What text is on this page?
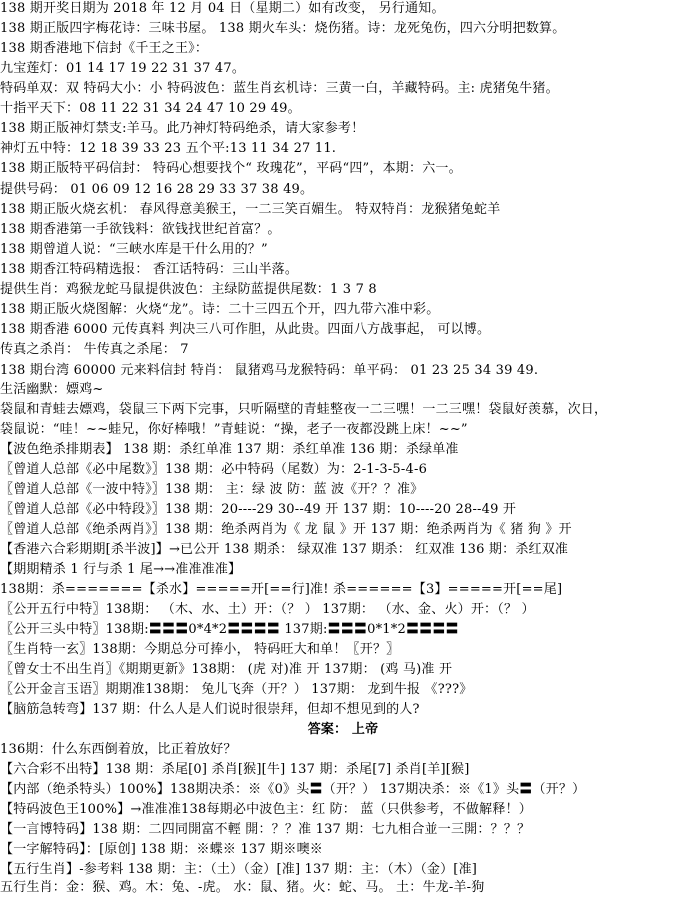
138 期开奖日期为 2018 年 12 月 04 日（星期二）如有改变， 另行通知。
138 期正版四字梅花诗：三味书屋。 138 期火车头：烧伤猪。诗：龙死兔伤，四六分明把数算。
138 期香港地下信封《千王之王》：
九宝莲灯：01 14 17 19 22 31 37 47。
特码单双：双 特码大小：小 特码波色：蓝生肖玄机诗：三黄一白，羊藏特码。主: 虎猪兔牛猪。
十指平天下：08 11 22 31 34 24 47 10 29 49。
138 期正版神灯禁支:羊马。此乃神灯特码绝杀，请大家参考！
神灯五中特：12 18 39 33 23 五个平:13 11 34 27 11.
138 期正版特平码信封： 特码心想要找个“ 玫瑰花”，平码“四”，本期：六一。
提供号码： 01 06 09 12 16 28 29 33 37 38 49。
138 期正版火烧玄机： 春风得意美猴王，一二三笑百媚生。 特双特肖：龙猴猪兔蛇羊
138 期香港第一手欲钱料：欲钱找世纪首富？。
138 期曾道人说：“三峡水库是干什么用的？”
138 期香江特码精选报： 香江话特码：三山半落。
提供生肖：鸡猴龙蛇马鼠提供波色：主绿防蓝提供尾数：1 3 7 8
138 期正版火烧图解：火烧“龙”。诗：二十三四五个开，四九带六准中彩。
138 期香港 6000 元传真料 判决三八可作胆，从此贵。四面八方战事起， 可以博。
传真之杀肖： 牛传真之杀尾： 7
138 期台湾 60000 元来料信封 特肖： 鼠猪鸡马龙猴特码：单平码： 01 23 25 34 39 49.
生活幽默：嫖鸡~
袋鼠和青蛙去嫖鸡，袋鼠三下两下完事，只听隔壁的青蛙整夜一二三嘿！一二三嘿！袋鼠好羡慕，次日，
袋鼠说：“哇！~~蛙兄，你好棒哦！”青蛙说：“操，老子一夜都没跳上床！~~”
【波色绝杀排期表】 138 期：杀红单准 137 期：杀红单准 136 期：杀绿单准
〖曾道人总部《必中尾数》〗138 期：必中特码（尾数）为：2-1-3-5-4-6
〖曾道人总部《一波中特》〗138 期： 主：绿 波 防：蓝 波《开？？准》
〖曾道人总部《必中特段》〗138 期：20----29 30--49 开 137 期：10----20 28--49 开
〖曾道人总部《绝杀两肖》〗138 期：绝杀两肖为《 龙 鼠 》开 137 期：绝杀两肖为《 猪 狗 》开
【香港六合彩期期[杀半波]】→已公开 138 期杀： 绿双准 137 期杀： 红双准 136 期：杀红双准
【期期精杀 1 行与杀 1 尾→→准准准准】
138期：杀=======【杀水】=====开[==行]准! 杀======【3】=====开[==尾]
〖公开五行中特〗138期： （木、水、土）开：（？ ） 137期： （水、金、火）开：（？ ）
〖公开三头中特〗138期:〓〓〓0*4*2〓〓〓〓 137期:〓〓〓0*1*2〓〓〓〓
〖生肖特一玄〗138期：今期总分可捧小， 特码旺大和单！〖开？〗
〖曾女士不出生肖〗《期期更新》138期： (虎 对)准 开 137期： (鸡 马)准 开
〖公开金言玉语〗期期准138期： 兔儿飞奔（开？） 137期： 龙到牛报 《???》
【脑筋急转弯】137 期：什么人是人们说时很崇拜，但却不想见到的人?
答案： 上帝
136期：什么东西倒着放，比正着放好？
【六合彩不出特】138 期：杀尾[0] 杀肖[猴][牛] 137 期：杀尾[7] 杀肖[羊][猴]
【内部（绝杀特头）100%】138期决杀：※《0》头〓（开？） 137期决杀：※《1》头〓（开？）
【特码波色王100%】→准准准138每期必中波色主：红 防： 蓝（只供参考，不做解释！）
【一言博特码】138 期：二四同開富不輕 開：？？准 137 期：七九相合並一三開：？？？
【一字解特码】：[原创] 138 期：※蝶※ 137 期※噢※
【五行生肖】-参考料 138 期：主：（土）（金）[准] 137 期：主：（木）（金）[准]
五行生肖：金：猴、鸡。木：兔、-虎。 水：鼠、猪。火：蛇、马。 土：牛龙-羊-狗
